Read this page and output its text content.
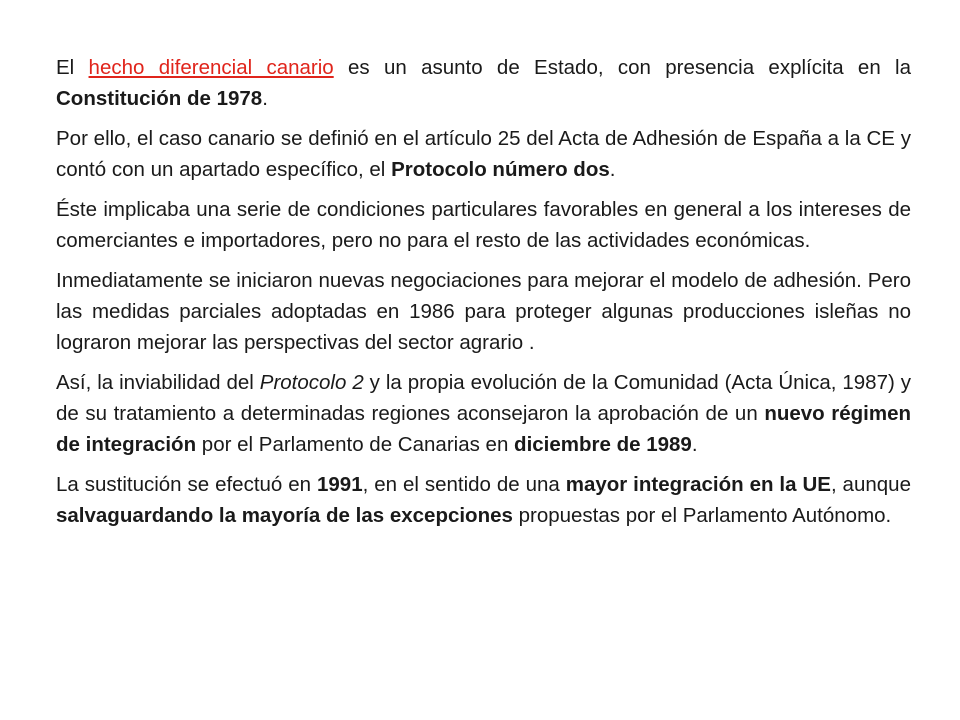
El hecho diferencial canario es un asunto de Estado, con presencia explícita en la Constitución de 1978.

Por ello, el caso canario se definió en el artículo 25 del Acta de Adhesión de España a la CE y contó con un apartado específico, el Protocolo número dos.

Éste implicaba una serie de condiciones particulares favorables en general a los intereses de comerciantes e importadores, pero no para el resto de las actividades económicas.

Inmediatamente se iniciaron nuevas negociaciones para mejorar el modelo de adhesión. Pero las medidas parciales adoptadas en 1986 para proteger algunas producciones isleñas no lograron mejorar las perspectivas del sector agrario .

Así, la inviabilidad del Protocolo 2 y la propia evolución de la Comunidad (Acta Única, 1987) y de su tratamiento a determinadas regiones aconsejaron la aprobación de un nuevo régimen de integración por el Parlamento de Canarias en diciembre de 1989.

La sustitución se efectuó en 1991, en el sentido de una mayor integración en la UE, aunque salvaguardando la mayoría de las excepciones propuestas por el Parlamento Autónomo.
